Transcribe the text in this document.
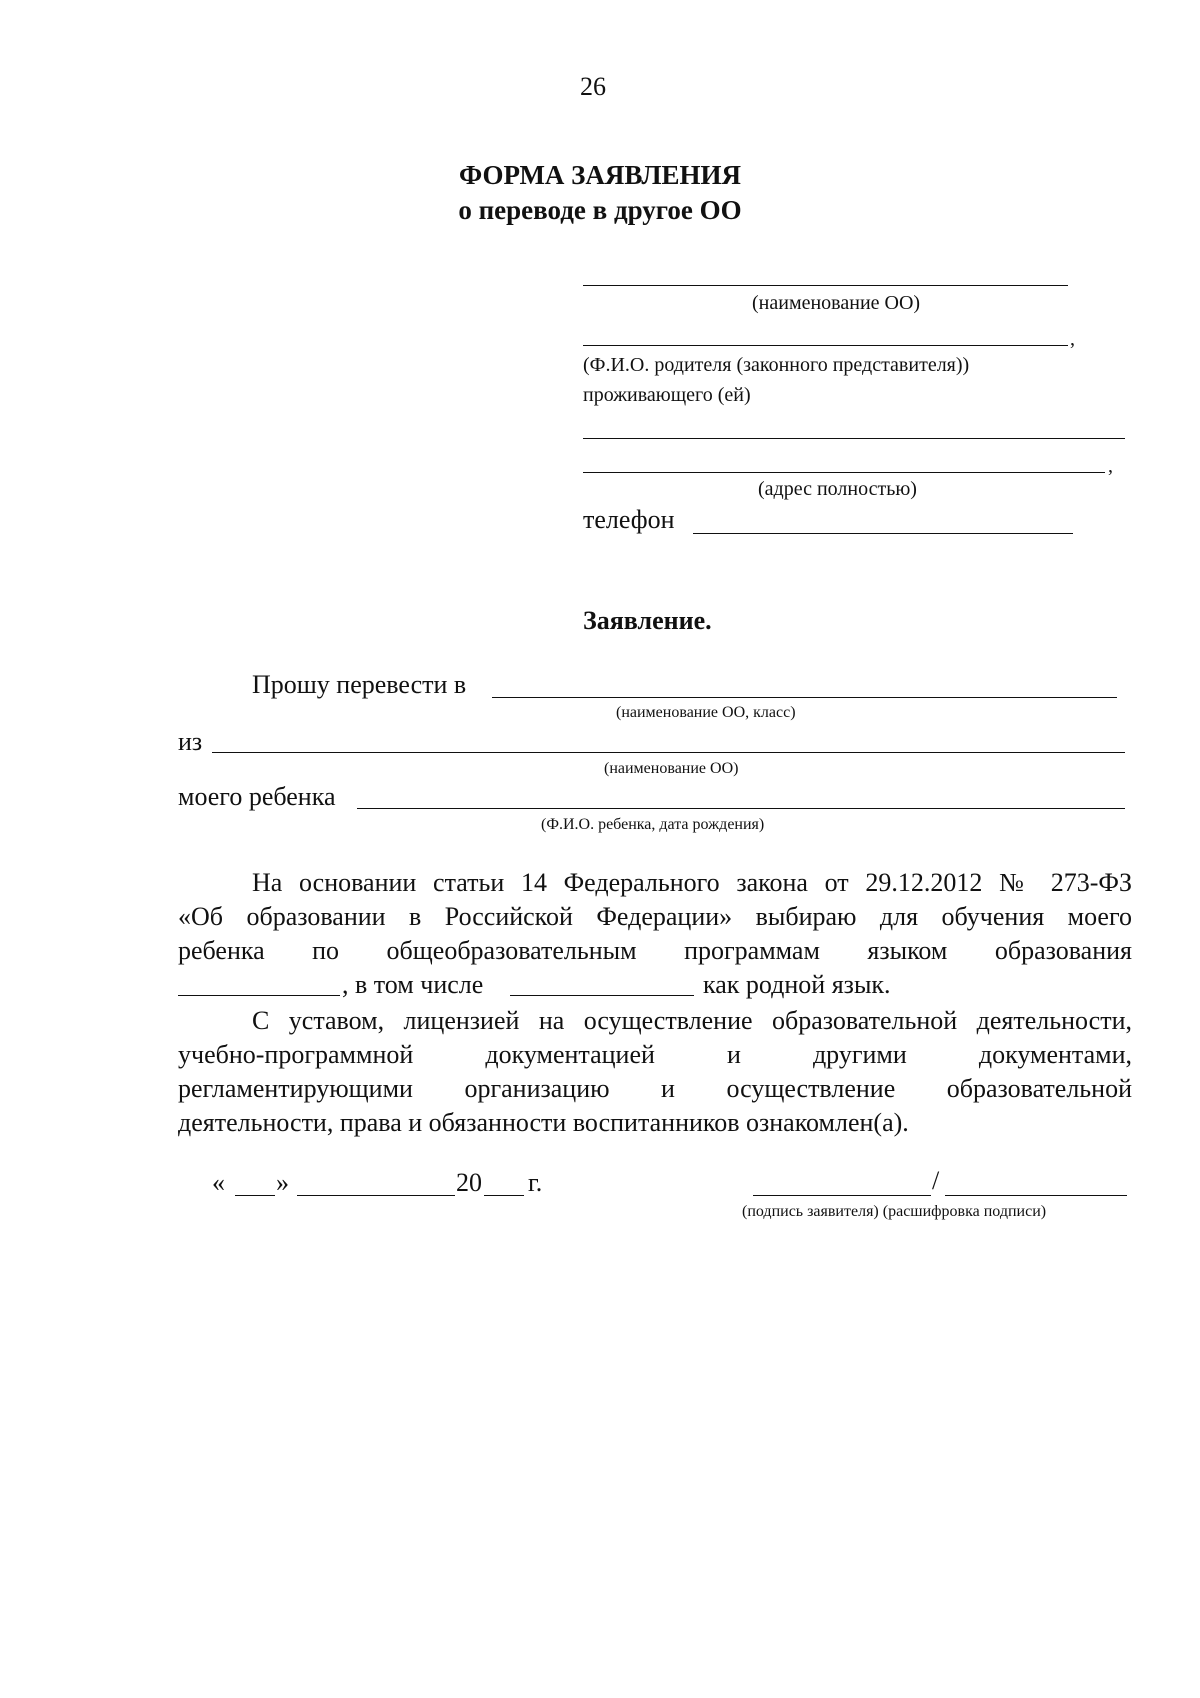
26
ФОРМА ЗАЯВЛЕНИЯ
о переводе в другое ОО
(наименование ОО)
,
(Ф.И.О. родителя (законного представителя))
проживающего (ей)
,
(адрес полностью)
телефон
Заявление.
Прошу перевести в
(наименование ОО, класс)
из
(наименование ОО)
моего ребенка
(Ф.И.О. ребенка, дата рождения)
На основании статьи 14 Федерального закона от 29.12.2012 № 273-ФЗ
«Об образовании в Российской Федерации» выбираю для обучения моего
ребенка по общеобразовательным программам языком образования
, в том числе	как родной язык.
С уставом, лицензией на осуществление образовательной деятельности,
учебно-программной документацией и другими документами,
регламентирующими организацию и осуществление образовательной
деятельности, права и обязанности воспитанников ознакомлен(а).
« »	20 г.	/
(подпись заявителя) (расшифровка подписи)
